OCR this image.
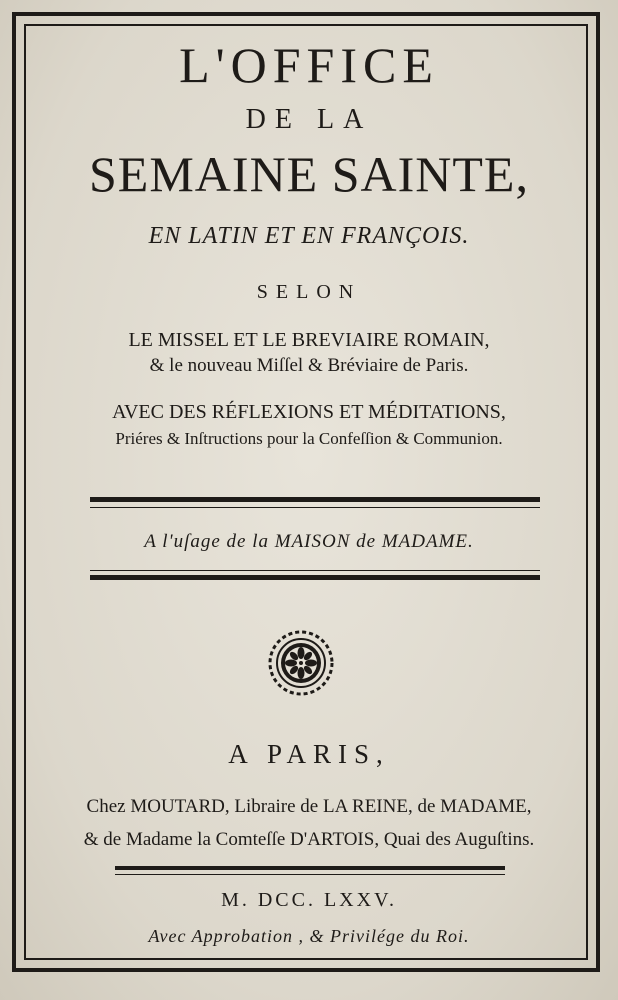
L'OFFICE
DE LA
SEMAINE SAINTE,
EN LATIN ET EN FRANÇOIS.
SELON
LE MISSEL ET LE BREVIAIRE ROMAIN,
& le nouveau Miſſel & Bréviaire de Paris.
AVEC DES RÉFLEXIONS ET MÉDITATIONS,
Priéres & Inſtructions pour la Confeſſion & Communion.
A l'uſage de la MAISON de MADAME.
A PARIS,
Chez MOUTARD, Libraire de LA REINE, de MADAME,
& de Madame la Comteſſe D'ARTOIS, Quai des Auguſtins.
M. DCC. LXXV.
Avec Approbation , & Privilége du Roi.
